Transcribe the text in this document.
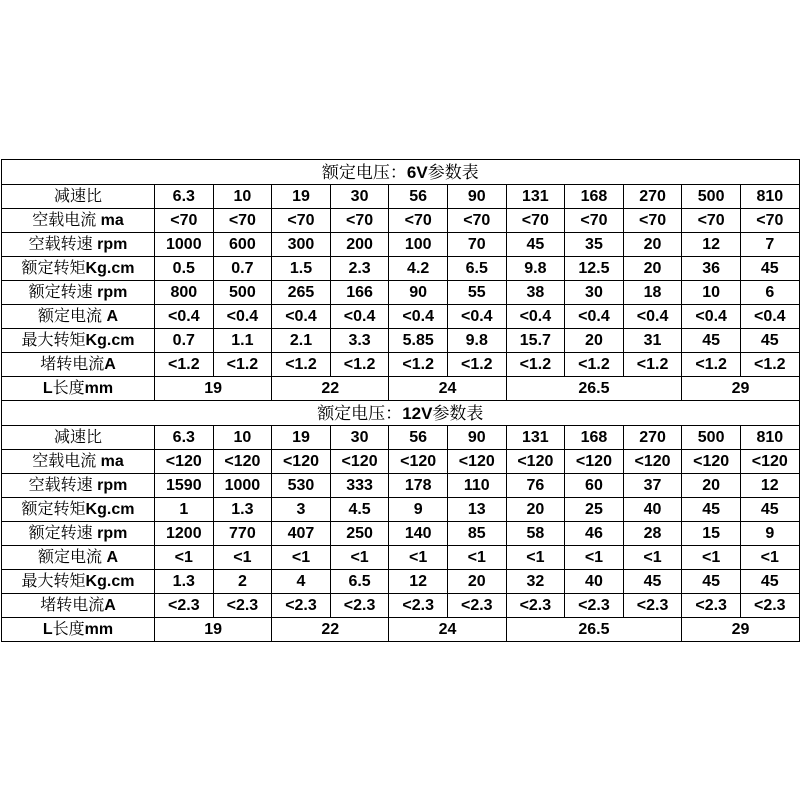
额定电压：6V参数表											
减速比	6.3	10	19	30	56	90	131	168	270	500	810
空载电流 ma	<70	<70	<70	<70	<70	<70	<70	<70	<70	<70	<70
空载转速 rpm	1000	600	300	200	100	70	45	35	20	12	7
额定转矩Kg.cm	0.5	0.7	1.5	2.3	4.2	6.5	9.8	12.5	20	36	45
额定转速 rpm	800	500	265	166	90	55	38	30	18	10	6
额定电流 A	<0.4	<0.4	<0.4	<0.4	<0.4	<0.4	<0.4	<0.4	<0.4	<0.4	<0.4
最大转矩Kg.cm	0.7	1.1	2.1	3.3	5.85	9.8	15.7	20	31	45	45
堵转电流A	<1.2	<1.2	<1.2	<1.2	<1.2	<1.2	<1.2	<1.2	<1.2	<1.2	<1.2
L长度mm	19		22		24		26.5			29	
额定电压：12V参数表											
减速比	6.3	10	19	30	56	90	131	168	270	500	810
空载电流 ma	<120	<120	<120	<120	<120	<120	<120	<120	<120	<120	<120
空载转速 rpm	1590	1000	530	333	178	110	76	60	37	20	12
额定转矩Kg.cm	1	1.3	3	4.5	9	13	20	25	40	45	45
额定转速 rpm	1200	770	407	250	140	85	58	46	28	15	9
额定电流 A	<1	<1	<1	<1	<1	<1	<1	<1	<1	<1	<1
最大转矩Kg.cm	1.3	2	4	6.5	12	20	32	40	45	45	45
堵转电流A	<2.3	<2.3	<2.3	<2.3	<2.3	<2.3	<2.3	<2.3	<2.3	<2.3	<2.3
L长度mm	19		22		24		26.5			29	
